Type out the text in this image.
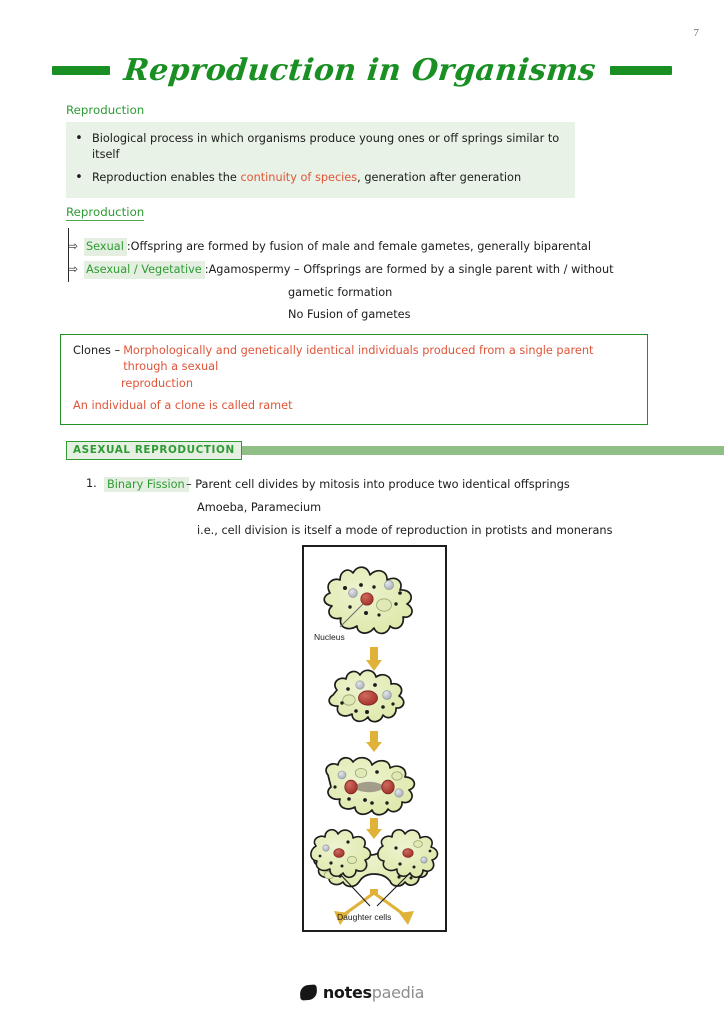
7
Reproduction in Organisms
Reproduction
• Biological process in which organisms produce young ones or off springs similar to itself
• Reproduction enables the continuity of species, generation after generation
Reproduction
⇨ Sexual : Offspring are formed by fusion of male and female gametes, generally biparental
⇨ Asexual / Vegetative : Agamospermy – Offsprings are formed by a single parent with / without
gametic formation
No Fusion of gametes
Clones – Morphologically and genetically identical individuals produced from a single parent through a sexual
reproduction
An individual of a clone is called ramet
ASEXUAL REPRODUCTION
1. Binary Fission – Parent cell divides by mitosis into produce two identical offsprings
Amoeba, Paramecium
i.e., cell division is itself a mode of reproduction in protists and monerans
Nucleus
Daughter cells
notespaedia
